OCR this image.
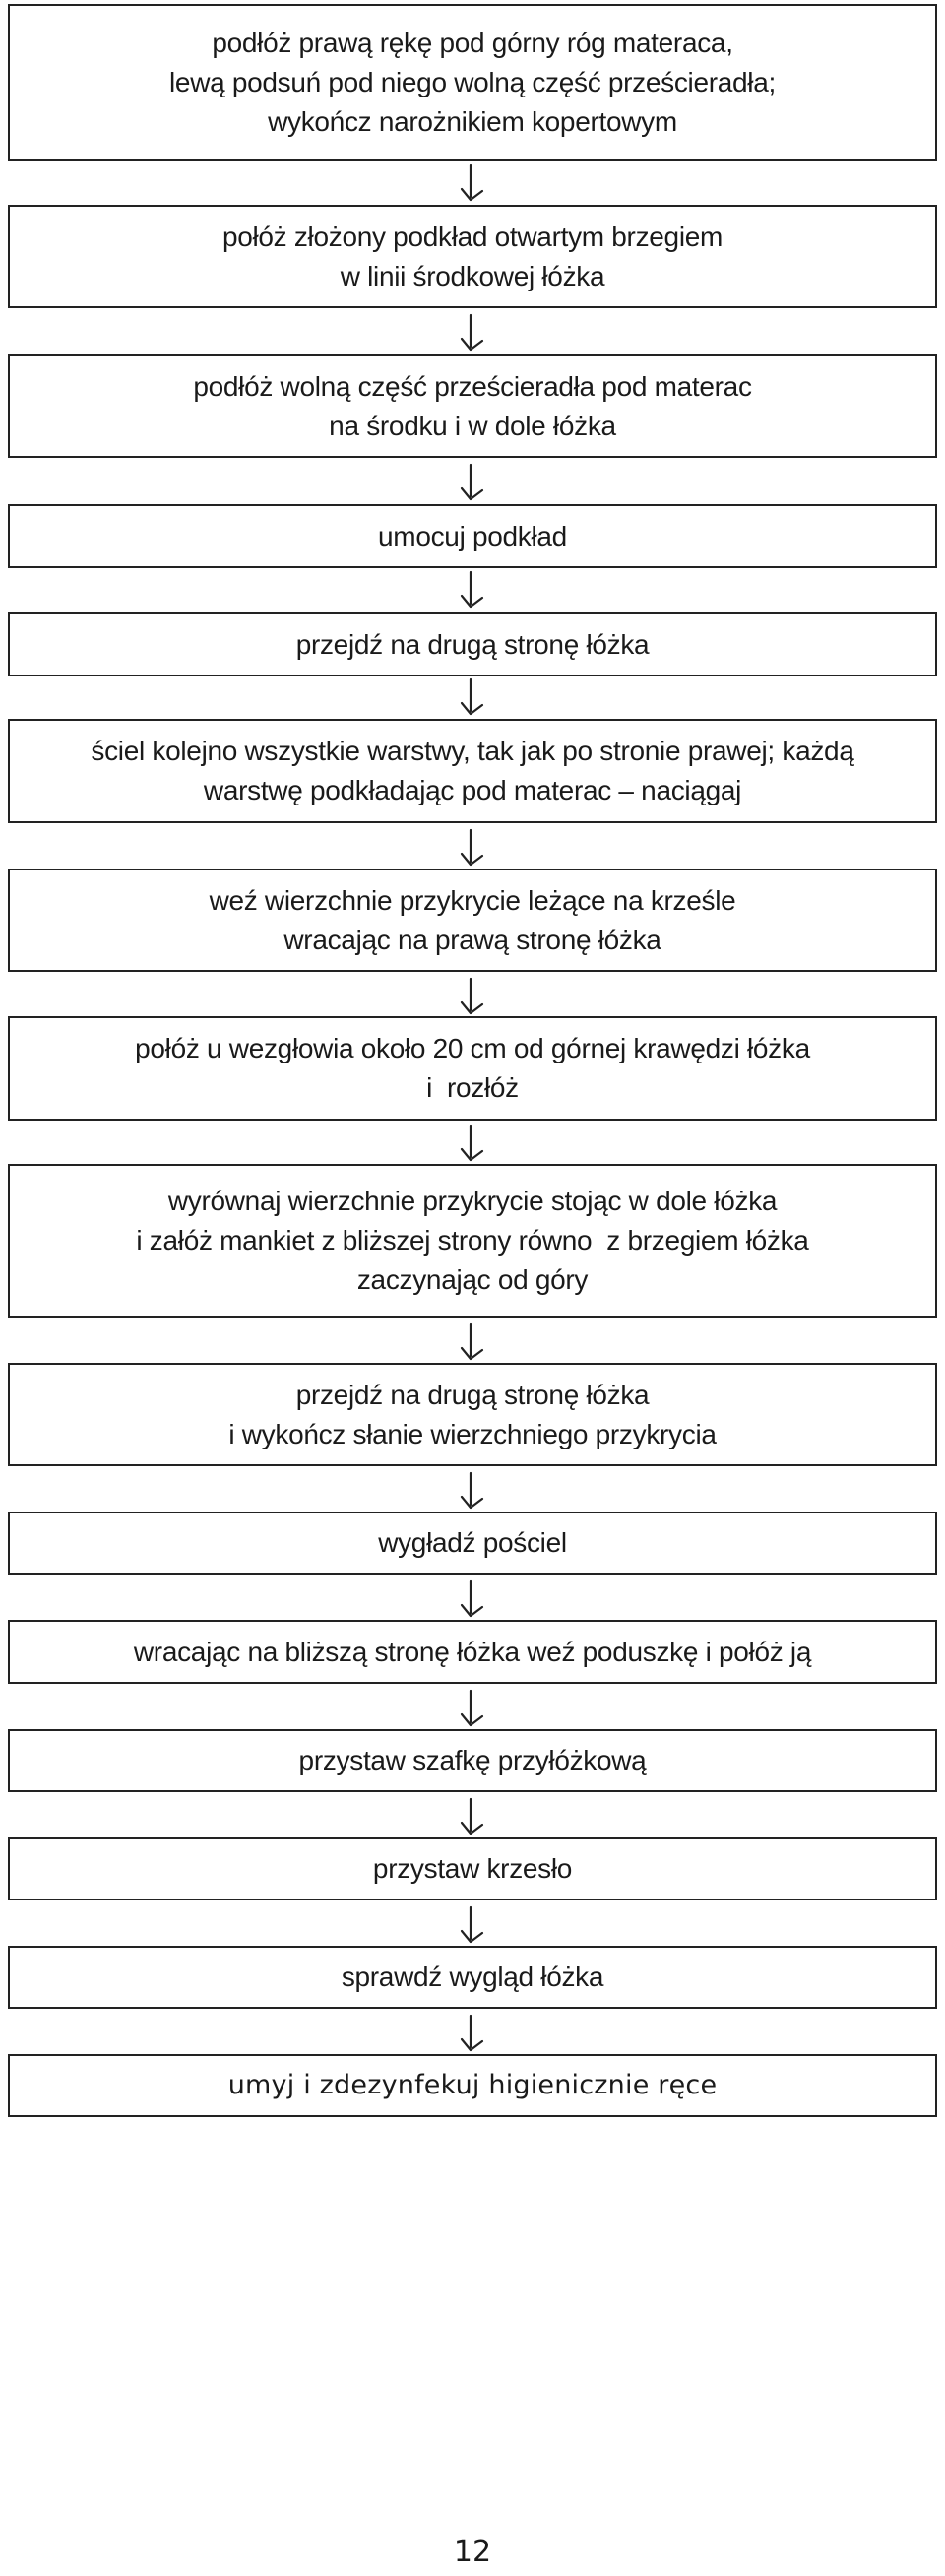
podłóż prawą rękę pod górny róg materaca,
lewą podsuń pod niego wolną część prześcieradła;
wykończ narożnikiem kopertowym
połóż złożony podkład otwartym brzegiem
w linii środkowej łóżka
podłóż wolną część prześcieradła pod materac
na środku i w dole łóżka
umocuj podkład
przejdź na drugą stronę łóżka
ściel kolejno wszystkie warstwy, tak jak po stronie prawej; każdą
warstwę podkładając pod materac – naciągaj
weź wierzchnie przykrycie leżące na krześle
wracając na prawą stronę łóżka
połóż u wezgłowia około 20 cm od górnej krawędzi łóżka
i  rozłóż
wyrównaj wierzchnie przykrycie stojąc w dole łóżka
i załóż mankiet z bliższej strony równo  z brzegiem łóżka
zaczynając od góry
przejdź na drugą stronę łóżka
i wykończ słanie wierzchniego przykrycia
wygładź pościel
wracając na bliższą stronę łóżka weź poduszkę i połóż ją
przystaw szafkę przyłóżkową
przystaw krzesło
sprawdź wygląd łóżka
umyj i zdezynfekuj higienicznie ręce
12
